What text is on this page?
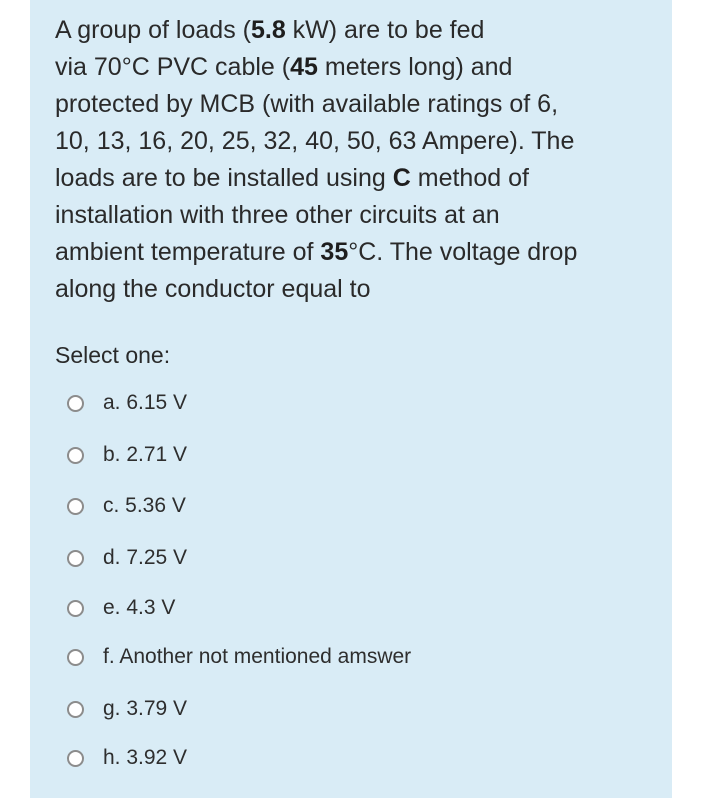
A group of loads (5.8 kW) are to be fed
via 70°C PVC cable (45 meters long) and
protected by MCB (with available ratings of 6,
10, 13, 16, 20, 25, 32, 40, 50, 63 Ampere). The
loads are to be installed using C method of
installation with three other circuits at an
ambient temperature of 35°C. The voltage drop
along the conductor equal to
Select one:
a. 6.15 V
b. 2.71 V
c. 5.36 V
d. 7.25 V
e. 4.3 V
f. Another not mentioned amswer
g. 3.79 V
h. 3.92 V
